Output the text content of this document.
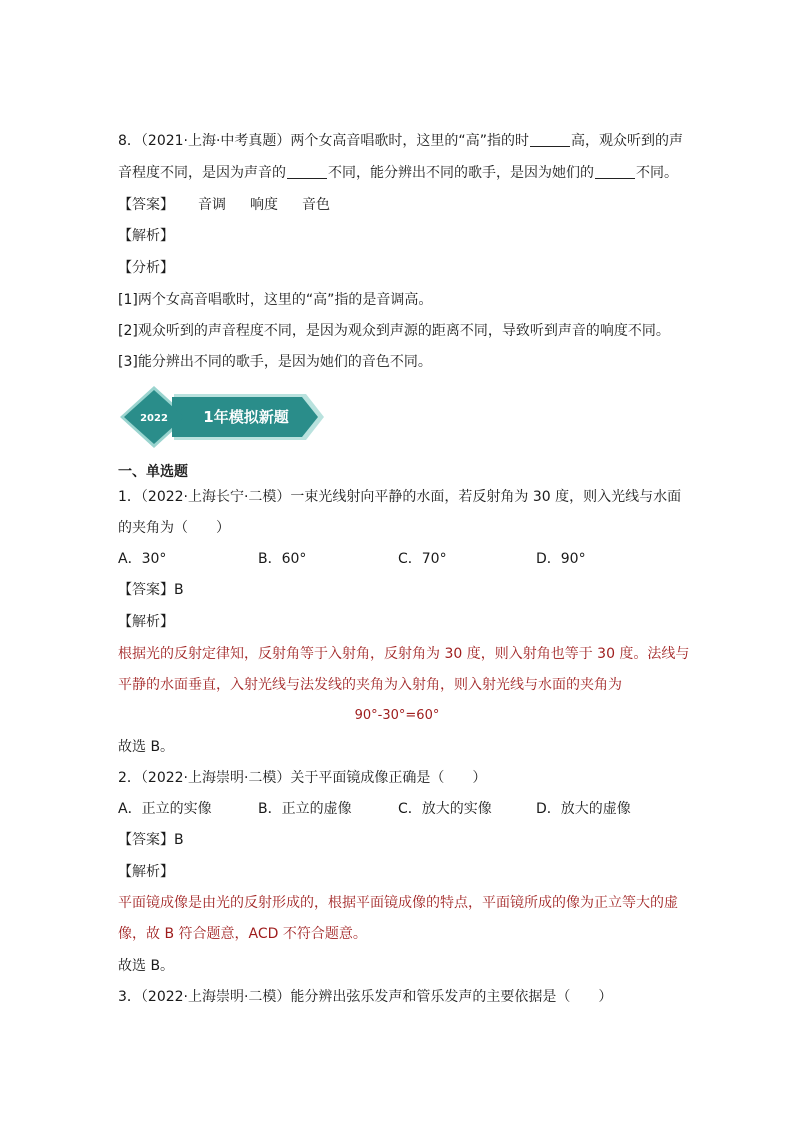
8．（2021·上海·中考真题）两个女高音唱歌时，这里的“高”指的时	高，观众听到的声
音程度不同，是因为声音的	不同，能分辨出不同的歌手，是因为她们的	不同。
【答案】 音调 响度 音色
【解析】
【分析】
[1]两个女高音唱歌时，这里的“高”指的是音调高。
[2]观众听到的声音程度不同，是因为观众到声源的距离不同，导致听到声音的响度不同。
[3]能分辨出不同的歌手，是因为她们的音色不同。
2022 1年模拟新题
一、单选题
1．（2022·上海长宁·二模）一束光线射向平静的水面，若反射角为 30 度，则入光线与水面
的夹角为（　　）
A．30°	B．60°	C．70°	D．90°
【答案】B
【解析】
根据光的反射定律知，反射角等于入射角，反射角为 30 度，则入射角也等于 30 度。法线与
平静的水面垂直，入射光线与法发线的夹角为入射角，则入射光线与水面的夹角为
90°-30°=60°
故选 B。
2．（2022·上海崇明·二模）关于平面镜成像正确是（　　）
A．正立的实像	B．正立的虚像	C．放大的实像	D．放大的虚像
【答案】B
【解析】
平面镜成像是由光的反射形成的，根据平面镜成像的特点，平面镜所成的像为正立等大的虚
像，故 B 符合题意，ACD 不符合题意。
故选 B。
3．（2022·上海崇明·二模）能分辨出弦乐发声和管乐发声的主要依据是（　　）
